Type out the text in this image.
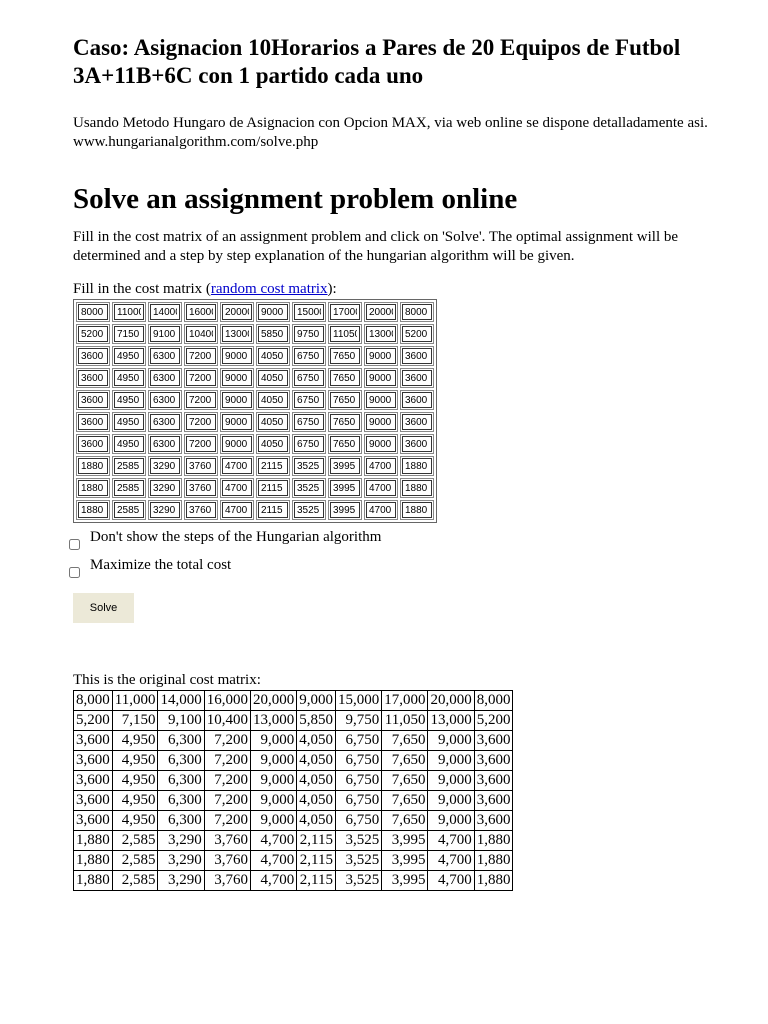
Caso: Asignacion 10Horarios a Pares de 20 Equipos de Futbol 3A+11B+6C con 1 partido cada uno

Usando Metodo Hungaro de Asignacion con Opcion MAX, via web online se dispone detalladamente asi.
www.hungarianalgorithm.com/solve.php

Solve an assignment problem online

Fill in the cost matrix of an assignment problem and click on 'Solve'. The optimal assignment will be determined and a step by step explanation of the hungarian algorithm will be given.

Fill in the cost matrix (random cost matrix):
8000	
11000	
14000	
16000	
20000	
9000	
15000	
17000	
20000	
8000

5200	
7150	
9100	
10400	
13000	
5850	
9750	
11050	
13000	
5200

3600	
4950	
6300	
7200	
9000	
4050	
6750	
7650	
9000	
3600

3600	
4950	
6300	
7200	
9000	
4050	
6750	
7650	
9000	
3600

3600	
4950	
6300	
7200	
9000	
4050	
6750	
7650	
9000	
3600

3600	
4950	
6300	
7200	
9000	
4050	
6750	
7650	
9000	
3600

3600	
4950	
6300	
7200	
9000	
4050	
6750	
7650	
9000	
3600

1880	
2585	
3290	
3760	
4700	
2115	
3525	
3995	
4700	
1880

1880	
2585	
3290	
3760	
4700	
2115	
3525	
3995	
4700	
1880

1880	
2585	
3290	
3760	
4700	
2115	
3525	
3995	
4700	
1880
Don't show the steps of the Hungarian algorithm
Maximize the total cost
Solve
This is the original cost matrix:
8,000	11,000	14,000	16,000	20,000	9,000	15,000	17,000	20,000	8,000
5,200	7,150	9,100	10,400	13,000	5,850	9,750	11,050	13,000	5,200
3,600	4,950	6,300	7,200	9,000	4,050	6,750	7,650	9,000	3,600
3,600	4,950	6,300	7,200	9,000	4,050	6,750	7,650	9,000	3,600
3,600	4,950	6,300	7,200	9,000	4,050	6,750	7,650	9,000	3,600
3,600	4,950	6,300	7,200	9,000	4,050	6,750	7,650	9,000	3,600
3,600	4,950	6,300	7,200	9,000	4,050	6,750	7,650	9,000	3,600
1,880	2,585	3,290	3,760	4,700	2,115	3,525	3,995	4,700	1,880
1,880	2,585	3,290	3,760	4,700	2,115	3,525	3,995	4,700	1,880
1,880	2,585	3,290	3,760	4,700	2,115	3,525	3,995	4,700	1,880
